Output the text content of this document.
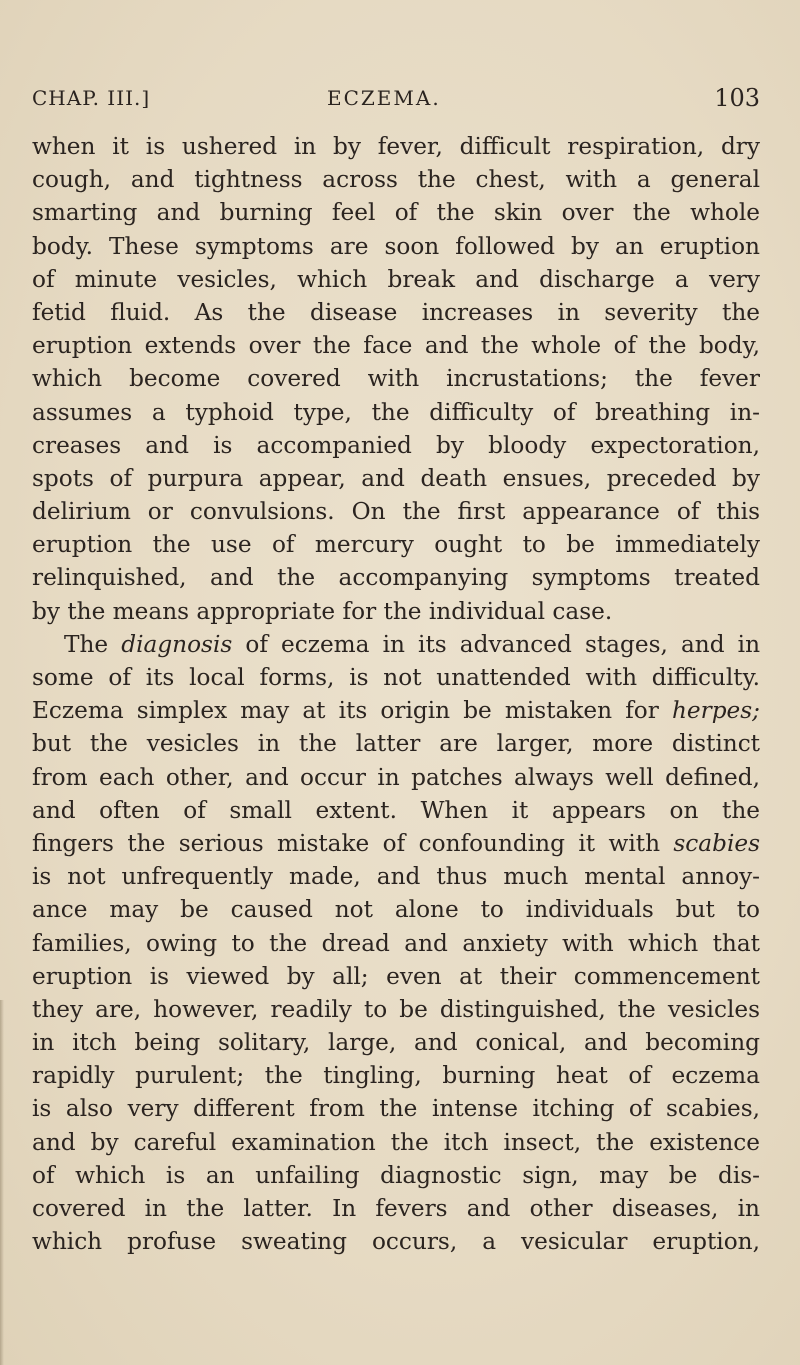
CHAP. III.]	ECZEMA.	103
when it is ushered in by fever, difficult respiration, dry
cough, and tightness across the chest, with a general
smarting and burning feel of the skin over the whole
body. These symptoms are soon followed by an eruption
of minute vesicles, which break and discharge a very
fetid fluid. As the disease increases in severity the
eruption extends over the face and the whole of the body,
which become covered with incrustations; the fever
assumes a typhoid type, the difficulty of breathing in-
creases and is accompanied by bloody expectoration,
spots of purpura appear, and death ensues, preceded by
delirium or convulsions. On the first appearance of this
eruption the use of mercury ought to be immediately
relinquished, and the accompanying symptoms treated
by the means appropriate for the individual case.
The diagnosis of eczema in its advanced stages, and in
some of its local forms, is not unattended with difficulty.
Eczema simplex may at its origin be mistaken for herpes;
but the vesicles in the latter are larger, more distinct
from each other, and occur in patches always well defined,
and often of small extent. When it appears on the
fingers the serious mistake of confounding it with scabies
is not unfrequently made, and thus much mental annoy-
ance may be caused not alone to individuals but to
families, owing to the dread and anxiety with which that
eruption is viewed by all; even at their commencement
they are, however, readily to be distinguished, the vesicles
in itch being solitary, large, and conical, and becoming
rapidly purulent; the tingling, burning heat of eczema
is also very different from the intense itching of scabies,
and by careful examination the itch insect, the existence
of which is an unfailing diagnostic sign, may be dis-
covered in the latter. In fevers and other diseases, in
which profuse sweating occurs, a vesicular eruption,
